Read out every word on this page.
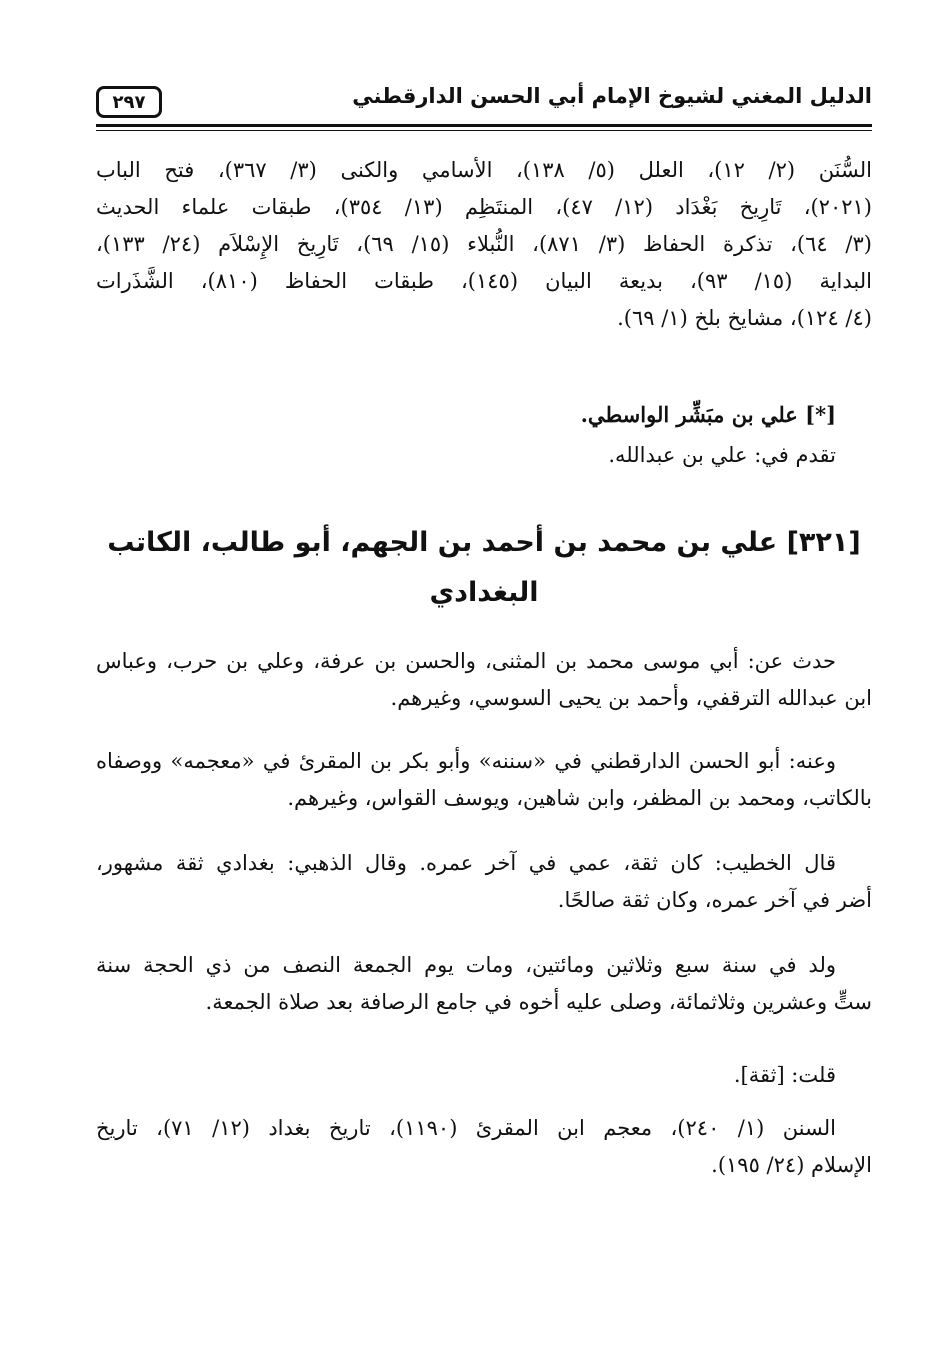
٢٩٧	الدليل المغني لشيوخ الإمام أبي الحسن الدارقطني
السُّنَن (٢/ ١٢)، العلل (٥/ ١٣٨)، الأسامي والكنى (٣/ ٣٦٧)، فتح الباب
(٢٠٢١)، تَارِيخ بَغْدَاد (١٢/ ٤٧)، المنتَظِم (١٣/ ٣٥٤)، طبقات علماء الحديث
(٣/ ٦٤)، تذكرة الحفاظ (٣/ ٨٧١)، النُّبلاء (١٥/ ٦٩)، تَارِيخ الإِسْلاَم (٢٤/ ١٣٣)،
البداية (١٥/ ٩٣)، بديعة البيان (١٤٥)، طبقات الحفاظ (٨١٠)، الشَّذَرات
(٤/ ١٢٤)، مشايخ بلخ (١/ ٦٩).
[*] علي بن مبَشِّر الواسطي.
تقدم في: علي بن عبدالله.
[٣٢١] علي بن محمد بن أحمد بن الجهم، أبو طالب، الكاتب
البغدادي
حدث عن: أبي موسى محمد بن المثنى، والحسن بن عرفة، وعلي بن حرب، وعباس
ابن عبدالله الترقفي، وأحمد بن يحيى السوسي، وغيرهم.
وعنه: أبو الحسن الدارقطني في «سننه» وأبو بكر بن المقرئ في «معجمه» ووصفاه
بالكاتب، ومحمد بن المظفر، وابن شاهين، ويوسف القواس، وغيرهم.
قال الخطيب: كان ثقة، عمي في آخر عمره. وقال الذهبي: بغدادي ثقة مشهور،
أضر في آخر عمره، وكان ثقة صالحًا.
ولد في سنة سبع وثلاثين ومائتين، ومات يوم الجمعة النصف من ذي الحجة سنة
ستٍّ وعشرين وثلاثمائة، وصلى عليه أخوه في جامع الرصافة بعد صلاة الجمعة.
قلت: [ثقة].
السنن (١/ ٢٤٠)، معجم ابن المقرئ (١١٩٠)، تاريخ بغداد (١٢/ ٧١)، تاريخ
الإسلام (٢٤/ ١٩٥).
